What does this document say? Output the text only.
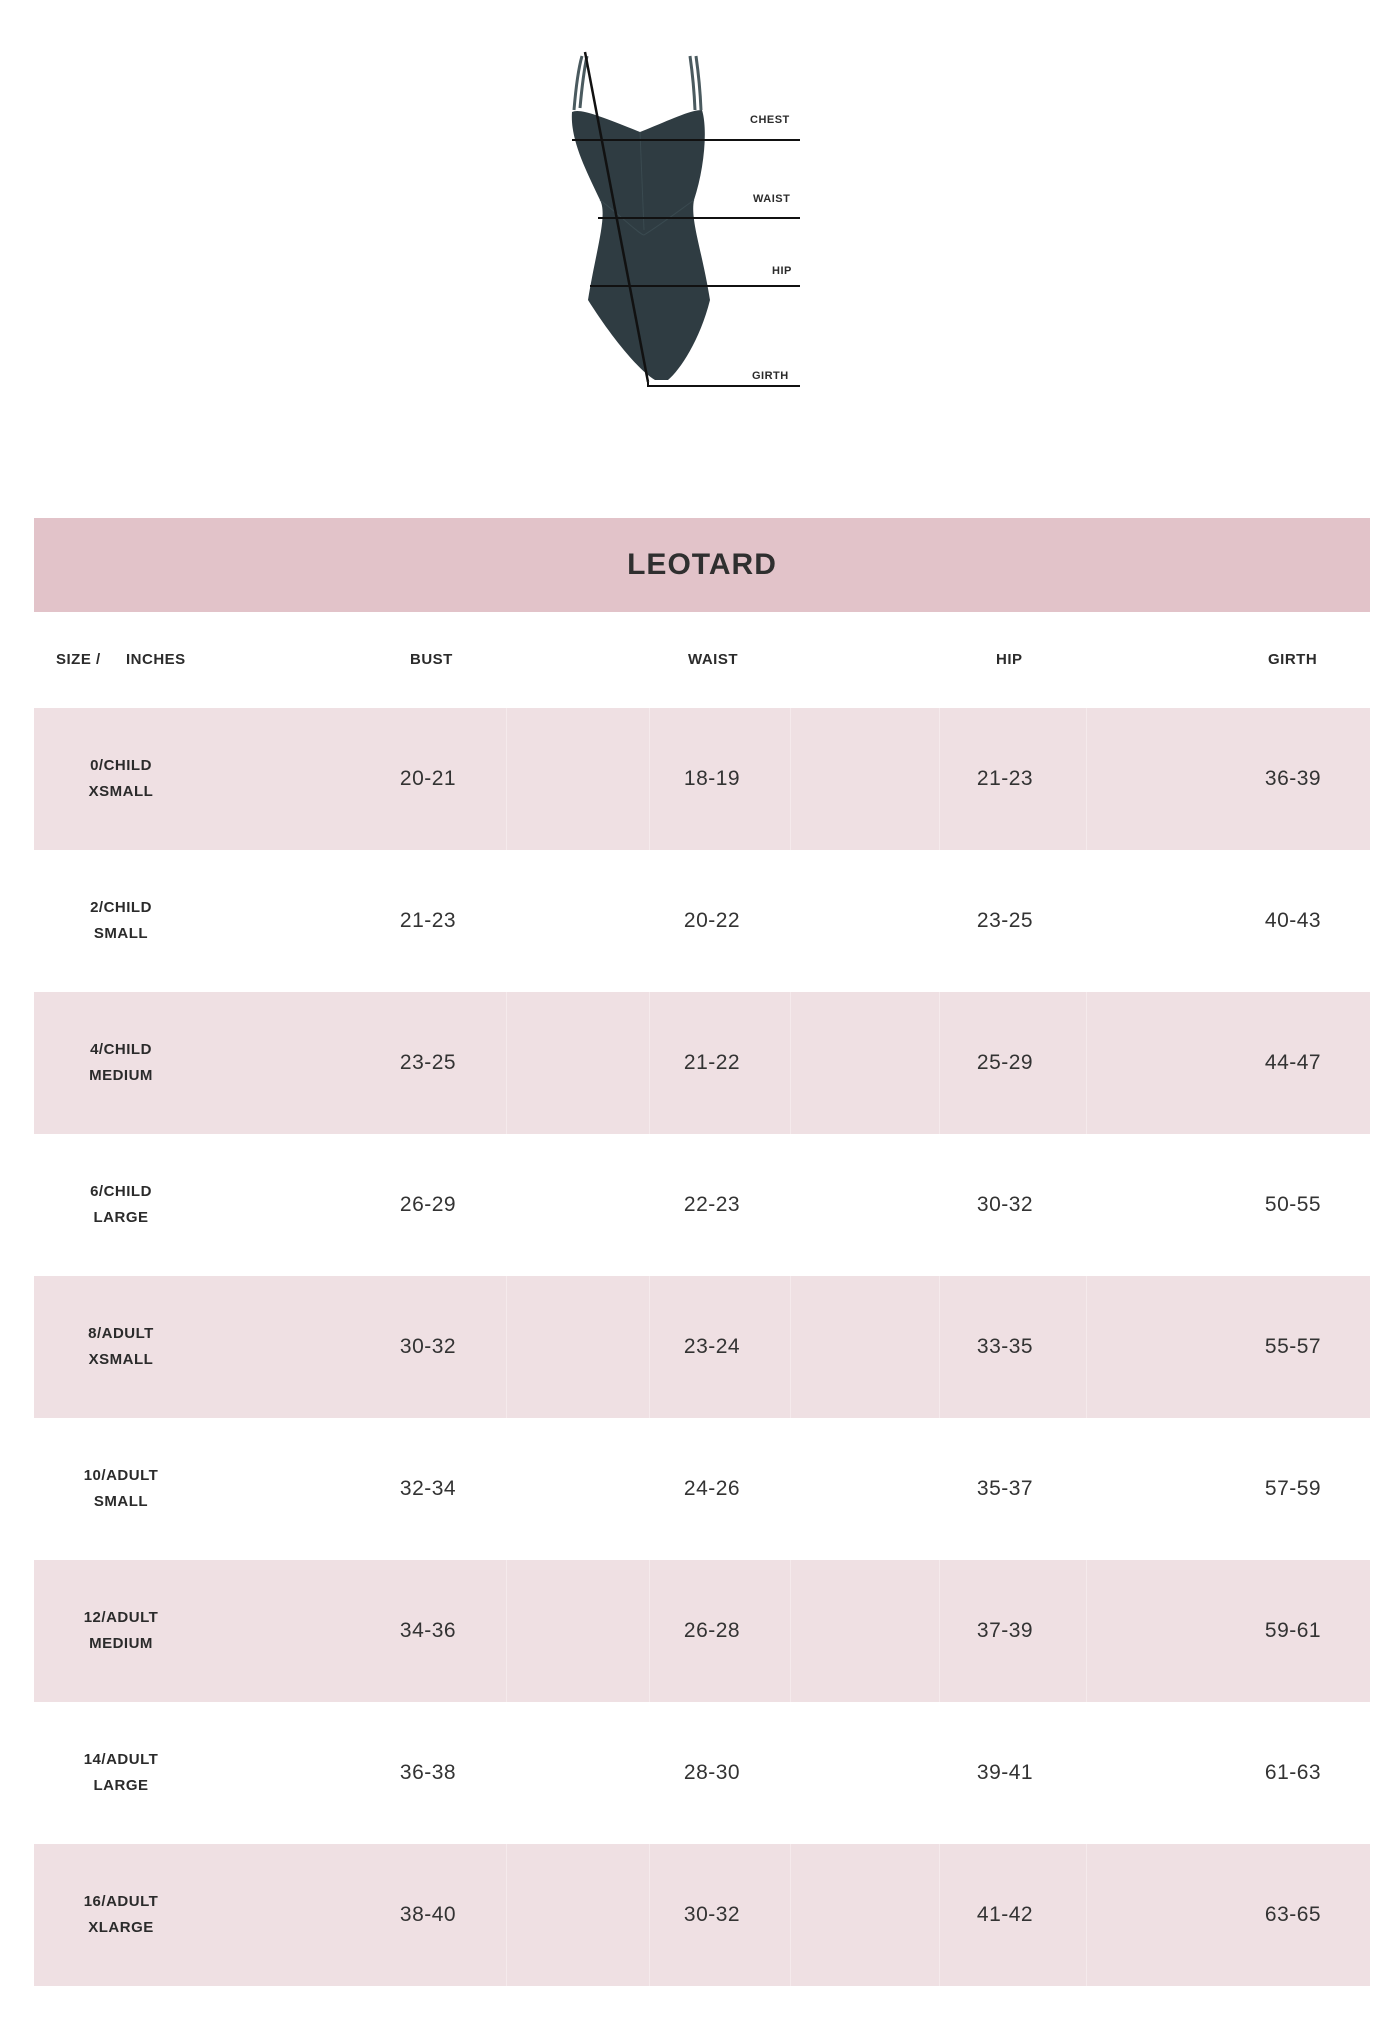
CHEST
WAIST
HIP
GIRTH
LEOTARD
SIZE / INCHES	BUST	WAIST	HIP	GIRTH
0/CHILD
XSMALL
20-21	18-19	21-23	36-39
2/CHILD
SMALL
21-23	20-22	23-25	40-43
4/CHILD
MEDIUM
23-25	21-22	25-29	44-47
6/CHILD
LARGE
26-29	22-23	30-32	50-55
8/ADULT
XSMALL
30-32	23-24	33-35	55-57
10/ADULT
SMALL
32-34	24-26	35-37	57-59
12/ADULT
MEDIUM
34-36	26-28	37-39	59-61
14/ADULT
LARGE
36-38	28-30	39-41	61-63
16/ADULT
XLARGE
38-40	30-32	41-42	63-65
